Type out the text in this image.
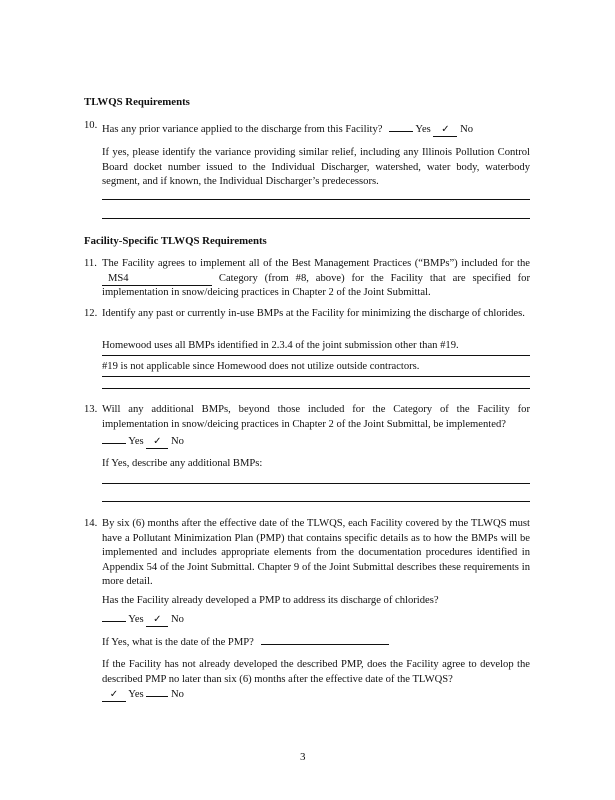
TLWQS Requirements
10. Has any prior variance applied to the discharge from this Facility?	Yes ✓ No
If yes, please identify the variance providing similar relief, including any Illinois Pollution Control Board docket number issued to the Individual Discharger, watershed, water body, waterbody segment, and if known, the Individual Discharger’s predecessors.
Facility-Specific TLWQS Requirements
11. The Facility agrees to implement all of the Best Management Practices (“BMPs”) included for the MS4	Category (from #8, above) for the Facility that are specified for implementation in snow/deicing practices in Chapter 2 of the Joint Submittal.
12. Identify any past or currently in-use BMPs at the Facility for minimizing the discharge of chlorides.
Homewood uses all BMPs identified in 2.3.4 of the joint submission other than #19.
#19 is not applicable since Homewood does not utilize outside contractors.
13. Will any additional BMPs, beyond those included for the Category of the Facility for implementation in snow/deicing practices in Chapter 2 of the Joint Submittal, be implemented?
Yes ✓ No
If Yes, describe any additional BMPs:
14. By six (6) months after the effective date of the TLWQS, each Facility covered by the TLWQS must have a Pollutant Minimization Plan (PMP) that contains specific details as to how the BMPs will be implemented and includes appropriate elements from the documentation procedures identified in Appendix 54 of the Joint Submittal. Chapter 9 of the Joint Submittal describes these requirements in more detail.
Has the Facility already developed a PMP to address its discharge of chlorides?
Yes ✓ No
If Yes, what is the date of the PMP?
If the Facility has not already developed the described PMP, does the Facility agree to develop the described PMP no later than six (6) months after the effective date of the TLWQS?
✓ Yes	No
3
